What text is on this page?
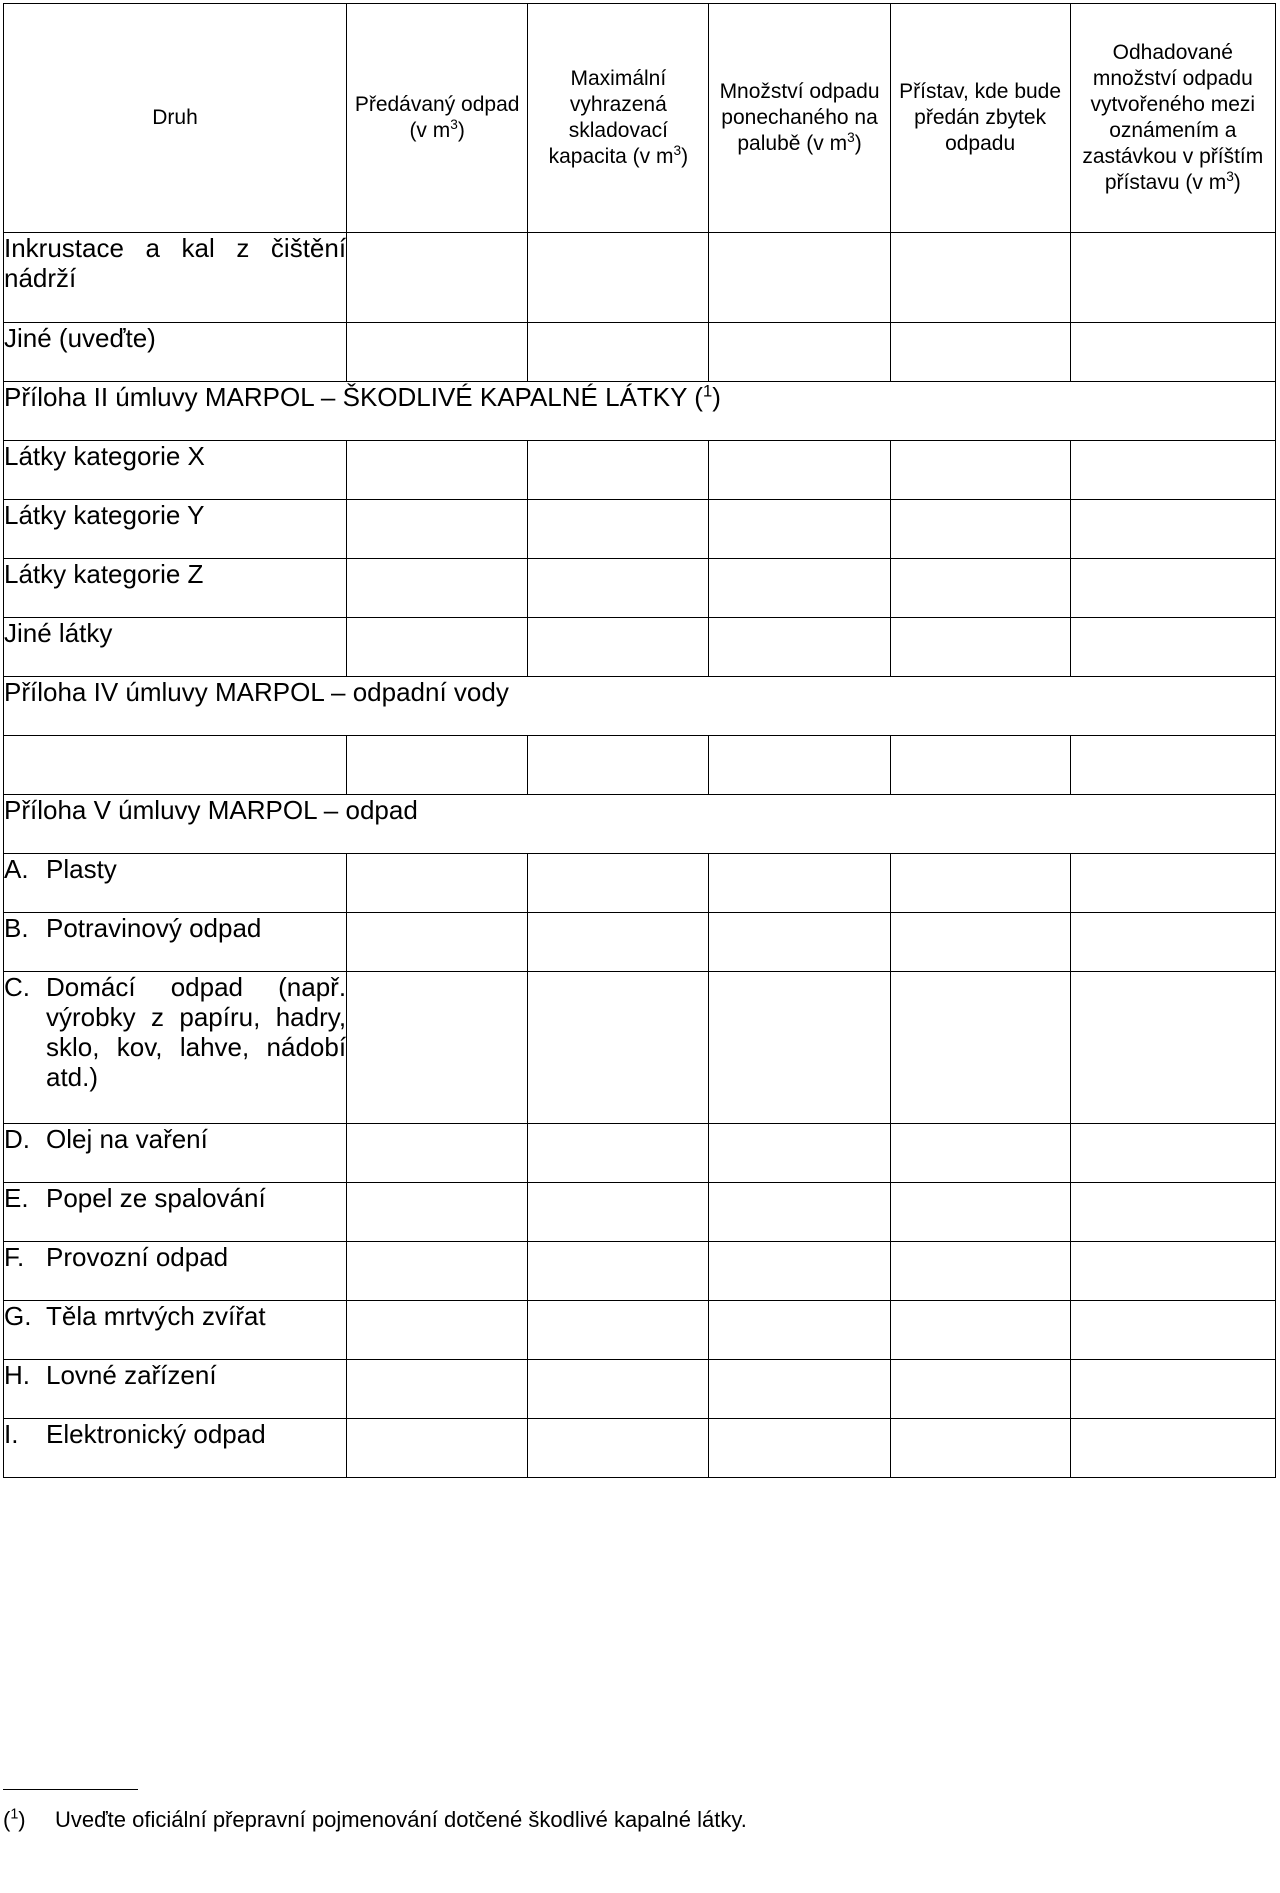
Druh	Předávaný odpad (v $m^3$)	Maximální vyhrazená skladovací kapacita (v $m^3$)	Množství odpadu ponechaného na palubě (v $m^3$)	Přístav, kde bude předán zbytek odpadu	Odhadované množství odpadu vytvořeného mezi oznámením a zastávkou v příštím přístavu (v $m^3$)
Inkrustace a kal z čištění nádrží					
Jiné (uveďte)					
Příloha II úmluvy MARPOL – ŠKODLIVÉ KAPALNÉ LÁTKY ($^1$)					
Látky kategorie X					
Látky kategorie Y					
Látky kategorie Z					
Jiné látky					
Příloha IV úmluvy MARPOL – odpadní vody					

Příloha V úmluvy MARPOL – odpad					

A. Plasty					

B. Potravinový odpad					

C. Domácí odpad (např. výrobky z papíru, hadry, sklo, kov, lahve, nádobí atd.)					

D. Olej na vaření					

E. Popel ze spalování					

F. Provozní odpad					

G. Těla mrtvých zvířat					

H. Lovné zařízení					

I. Elektronický odpad					

($^1$)	Uveďte oficiální přepravní pojmenování dotčené škodlivé kapalné látky.
